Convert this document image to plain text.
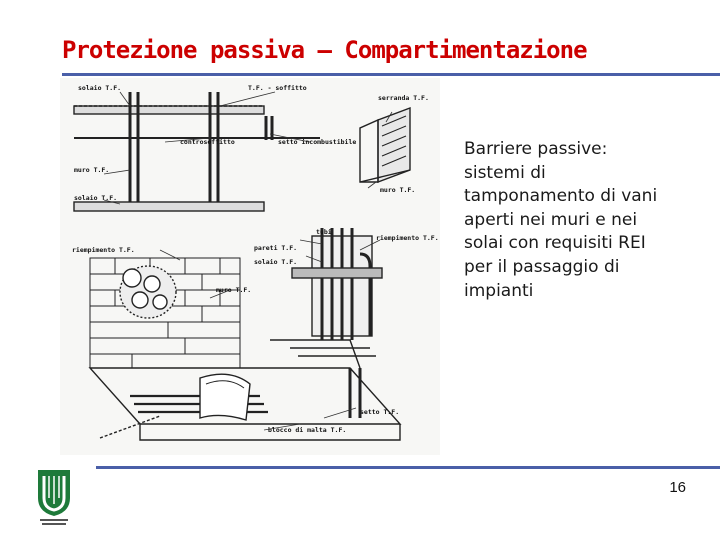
Protezione passiva – Compartimentazione
T.F. - soffitto
solaio T.F.
serranda T.F.
controsoffitto	setto incombustibile
muro T.F.
solaio T.F.
muro T.F.
tubi
riempimento T.F.
riempimento T.F.
pareti T.F.
solaio T.F.
muro T.F.
setto T.F.
blocco di malta T.F.
Barriere passive:
sistemi di
tamponamento di vani
aperti nei muri e nei
solai con requisiti REI
per il passaggio di
impianti
16
